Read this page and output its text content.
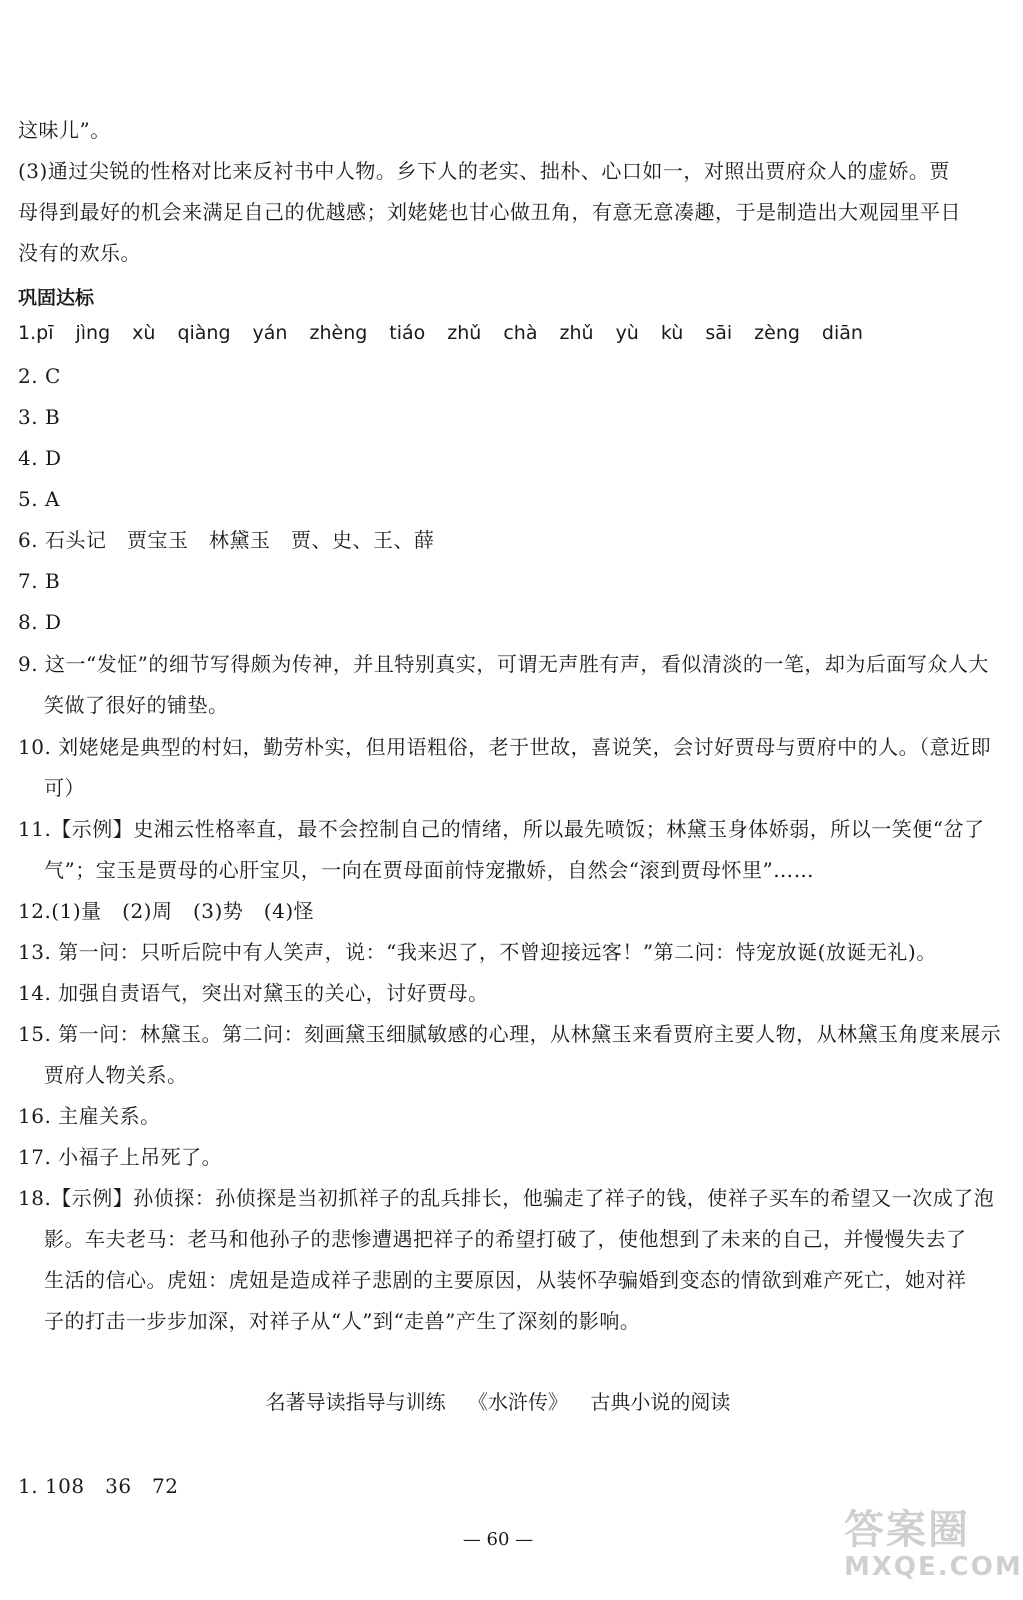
这味儿”。
(3)通过尖锐的性格对比来反衬书中人物。乡下人的老实、拙朴、心口如一，对照出贾府众人的虚娇。贾
母得到最好的机会来满足自己的优越感；刘姥姥也甘心做丑角，有意无意凑趣，于是制造出大观园里平日
没有的欢乐。
巩固达标
1.pī jìng xù qiàng yán zhèng tiáo zhǔ chà zhǔ yù kù sāi zèng diān
2. C
3. B
4. D
5. A
6. 石头记　贾宝玉　林黛玉　贾、史、王、薛
7. B
8. D
9. 这一“发怔”的细节写得颇为传神，并且特别真实，可谓无声胜有声，看似清淡的一笔，却为后面写众人大
笑做了很好的铺垫。
10. 刘姥姥是典型的村妇，勤劳朴实，但用语粗俗，老于世故，喜说笑，会讨好贾母与贾府中的人。（意近即
可）
11.【示例】史湘云性格率直，最不会控制自己的情绪，所以最先喷饭；林黛玉身体娇弱，所以一笑便“岔了
气”；宝玉是贾母的心肝宝贝，一向在贾母面前恃宠撒娇，自然会“滚到贾母怀里”……
12.(1)量　(2)周　(3)势　(4)怪
13. 第一问：只听后院中有人笑声，说：“我来迟了，不曾迎接远客！”第二问：恃宠放诞(放诞无礼)。
14. 加强自责语气，突出对黛玉的关心，讨好贾母。
15. 第一问：林黛玉。第二问：刻画黛玉细腻敏感的心理，从林黛玉来看贾府主要人物，从林黛玉角度来展示
贾府人物关系。
16. 主雇关系。
17. 小福子上吊死了。
18.【示例】孙侦探：孙侦探是当初抓祥子的乱兵排长，他骗走了祥子的钱，使祥子买车的希望又一次成了泡
影。车夫老马：老马和他孙子的悲惨遭遇把祥子的希望打破了，使他想到了未来的自己，并慢慢失去了
生活的信心。虎妞：虎妞是造成祥子悲剧的主要原因，从装怀孕骗婚到变态的情欲到难产死亡，她对祥
子的打击一步步加深，对祥子从“人”到“走兽”产生了深刻的影响。
名著导读指导与训练 《水浒传》 古典小说的阅读
1. 108　36　72
— 60 —	答案圈
MXQE.COM
